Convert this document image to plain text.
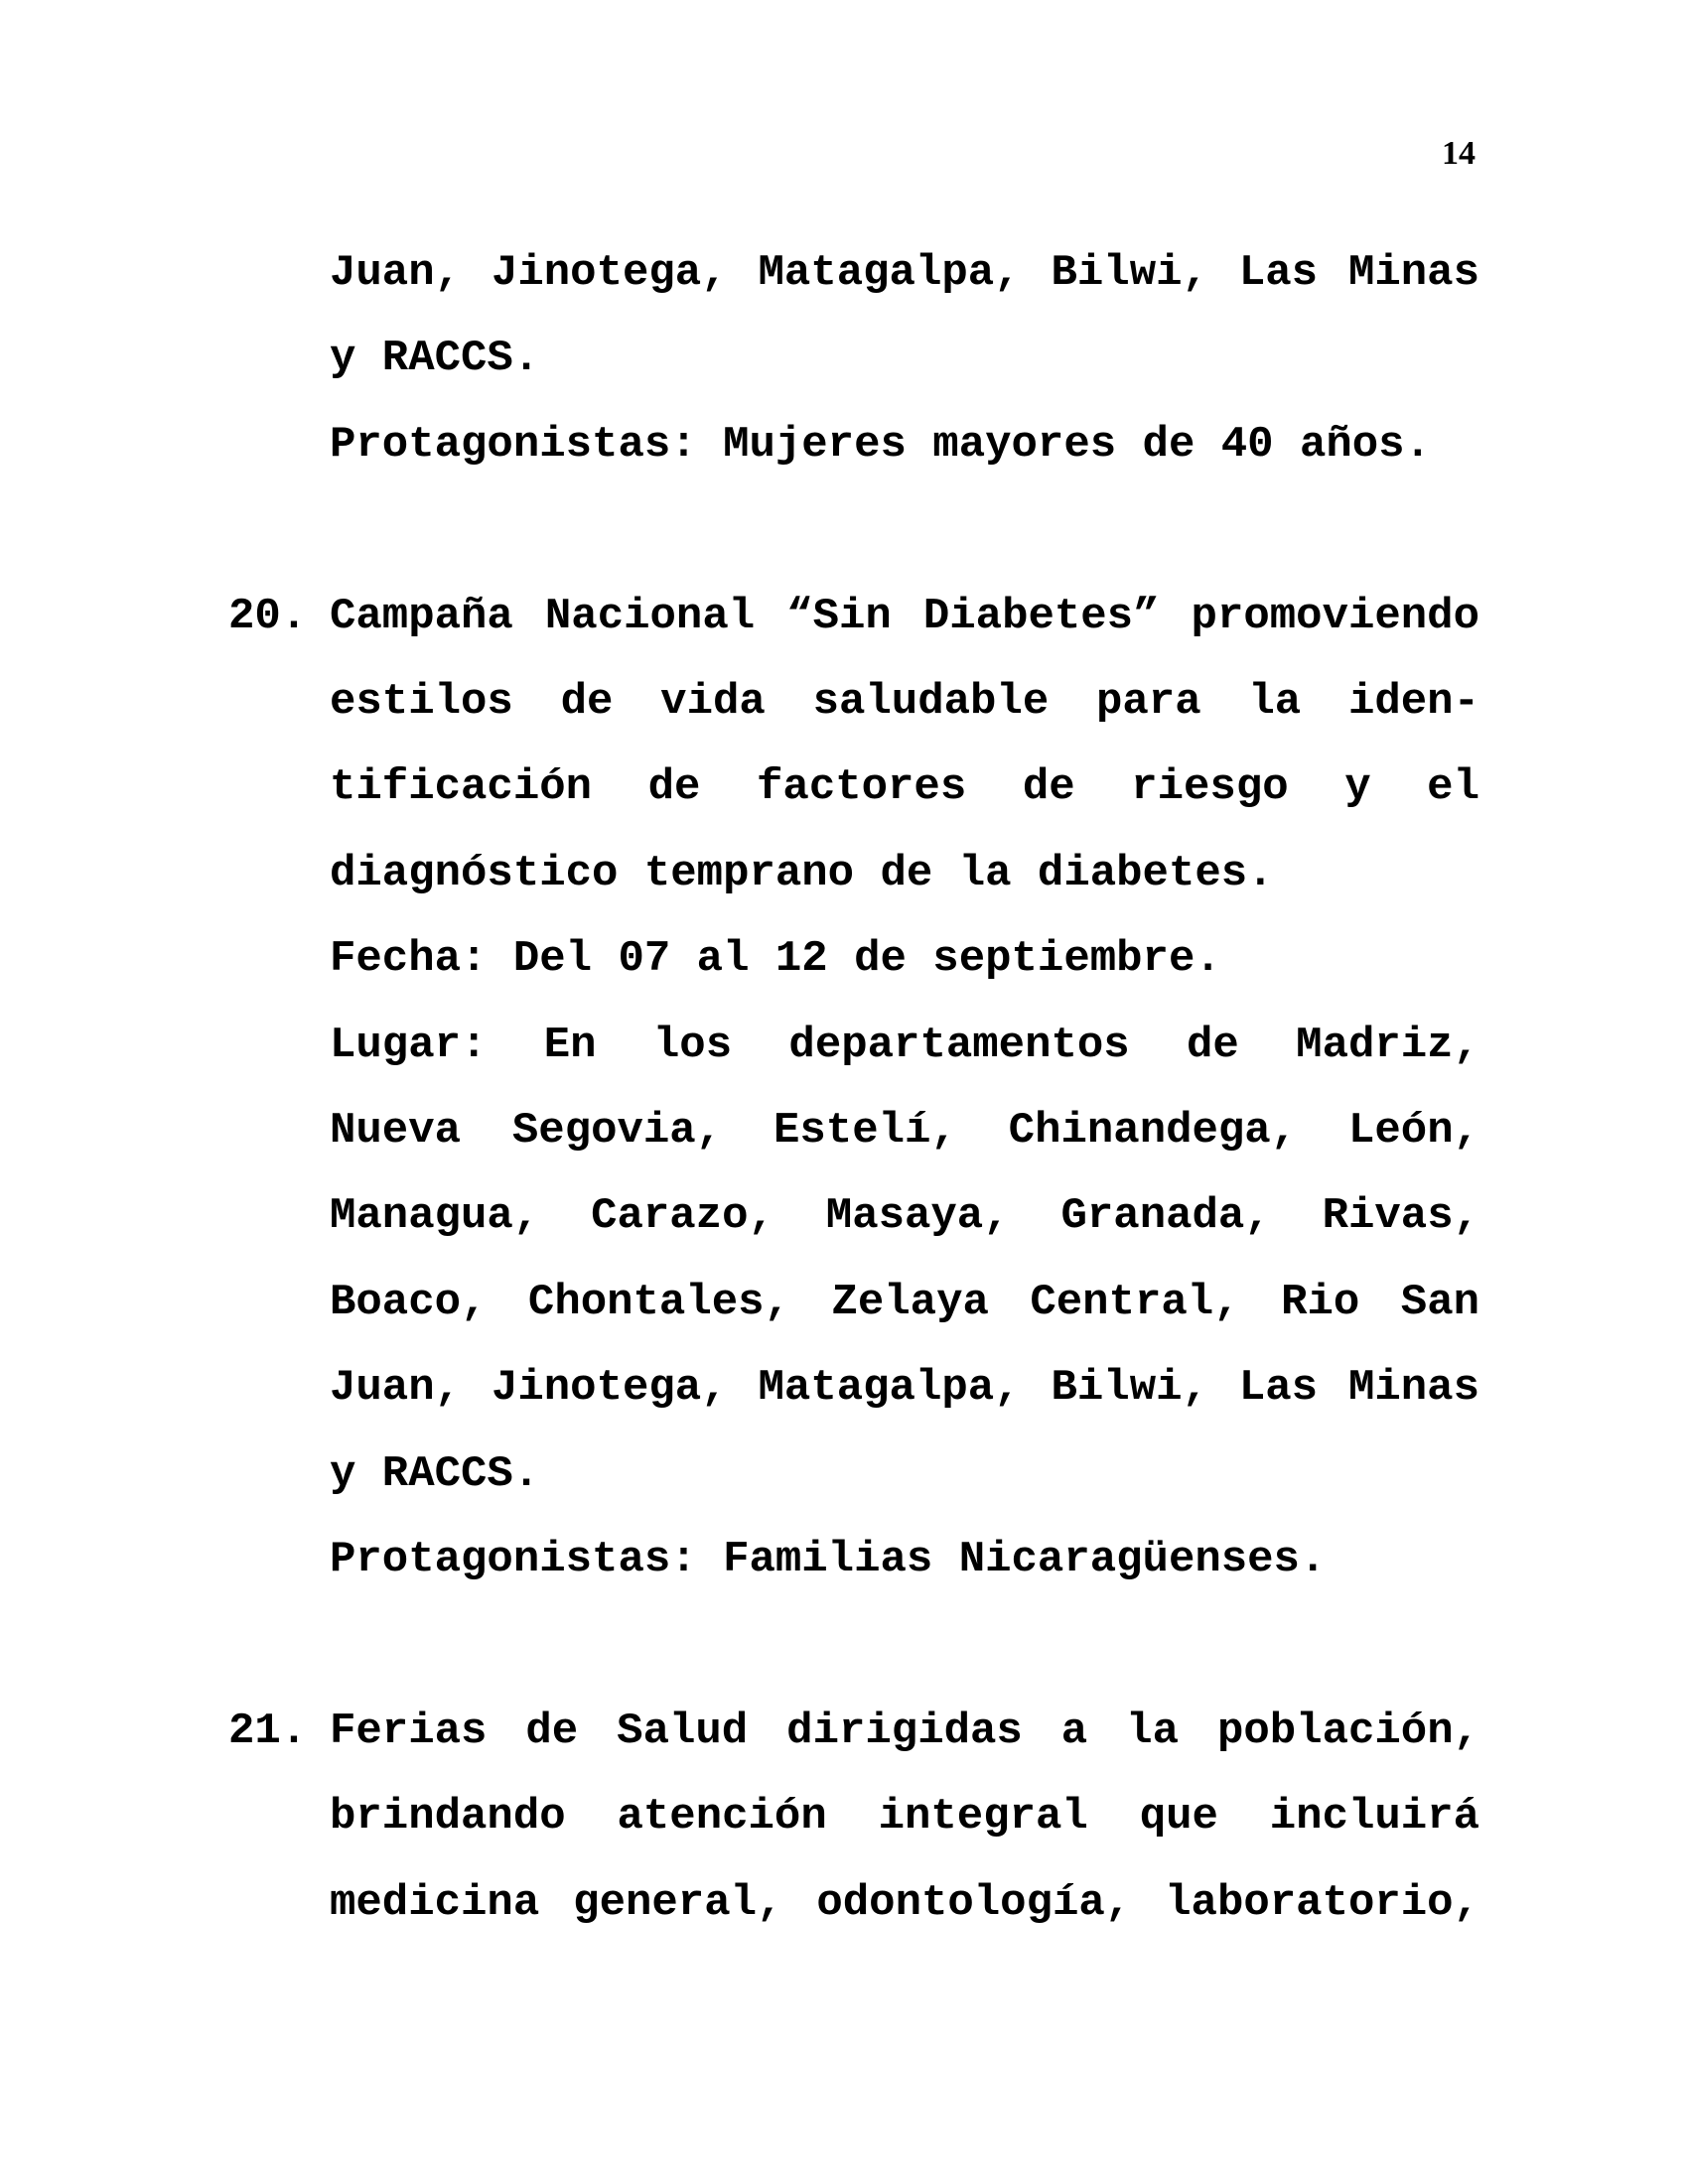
14
Juan, Jinotega, Matagalpa, Bilwi, Las Minas
y RACCS.
Protagonistas: Mujeres mayores de 40 años.
20. Campaña Nacional “Sin Diabetes” promoviendo
estilos de vida saludable para la iden-
tificación de factores de riesgo y el
diagnóstico temprano de la diabetes.
Fecha: Del 07 al 12 de septiembre.
Lugar: En los departamentos de Madriz,
Nueva Segovia, Estelí, Chinandega, León,
Managua, Carazo, Masaya, Granada, Rivas,
Boaco, Chontales, Zelaya Central, Rio San
Juan, Jinotega, Matagalpa, Bilwi, Las Minas
y RACCS.
Protagonistas: Familias Nicaragüenses.
21. Ferias de Salud dirigidas a la población,
brindando atención integral que incluirá
medicina general, odontología, laboratorio,
